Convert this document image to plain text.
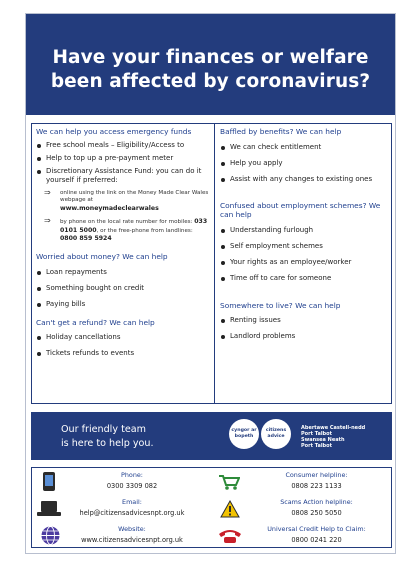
Have your finances or welfare
been affected by coronavirus?

We can help you access emergency funds

Free school meals – Eligibility/Access to
Help to top up a pre-payment meter
Discretionary Assistance Fund: you can do it yourself if preferred:
⇒ online using the link on the Money Made Clear Wales webpage at
www.moneymadeclearwales
⇒ by phone on the local rate number for mobiles: 033 0101 5000, or the free-phone from landlines: 0800 859 5924

Worried about money? We can help

Loan repayments
Something bought on credit
Paying bills

Can't get a refund? We can help

Holiday cancellations
Tickets refunds to events

Baffled by benefits? We can help

We can check entitlement
Help you apply
Assist with any changes to existing ones

Confused about employment schemes? We can help

Understanding furlough
Self employment schemes
Your rights as an employee/worker
Time off to care for someone

Somewhere to live? We can help

Renting issues
Landlord problems
Our friendly team
is here to help you.
cyngor ar bopeth
citizens advice
Abertawe Castell-nedd
Port Talbot
Swansea Neath
Port Talbot
Phone:
0300 3309 082
Consumer helpline:
0808 223 1133
Email:
help@citizensadvicesnpt.org.uk
Scams Action helpline:
0808 250 5050
Website:
www.citizensadvicesnpt.org.uk
Universal Credit Help to Claim:
0800 0241 220
